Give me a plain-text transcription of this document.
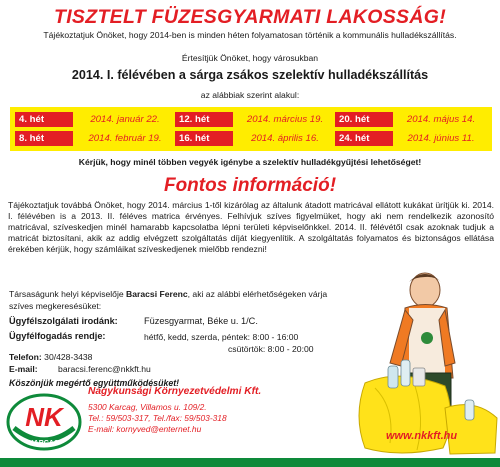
TISZTELT FÜZESGYARMATI LAKOSSÁG!
Tájékoztatjuk Önöket, hogy 2014-ben is minden héten folyamatosan történik a kommunális hulladékszállítás.
Értesítjük Önöket, hogy városukban
2014. I. félévében a sárga zsákos szelektív hulladékszállítás
az alábbiak szerint alakul:
4. hét	2014. január 22.	12. hét	2014. március 19.	20. hét	2014. május 14.
8. hét	2014. február 19.	16. hét	2014. április 16.	24. hét	2014. június 11.
Kérjük, hogy minél többen vegyék igénybe a szelektív hulladékgyűjtési lehetőséget!
Fontos információ!
Tájékoztatjuk továbbá Önöket, hogy 2014. március 1-től kizárólag az általunk átadott matricával ellátott kukákat ürítjük ki. 2014. I. félévében is a 2013. II. féléves matrica érvényes. Felhívjuk szíves figyelmüket, hogy aki nem rendelkezik azonosító matricával, szíveskedjen minél hamarabb kapcsolatba lépni területi képviselőnkkel. 2014. II. félévétől csak azoknak tudjuk a matricát biztosítani, akik az addig elvégzett szolgáltatás díját kiegyenlítik. A szolgáltatás folyamatos és biztonságos ellátása érekében kérjük, hogy számláikat szíveskedjenek mielőbb rendezni!
Társaságunk helyi képviselője Baracsi Ferenc, aki az alábbi elérhetőségeken várja
szíves megkeresésüket:
Ügyfélszolgálati irodánk:	Füzesgyarmat, Béke u. 1/C.
Ügyfélfogadás rendje:	hétfő, kedd, szerda, péntek: 8:00 - 16:00
csütörtök: 8:00 - 20:00
Telefon: 30/428-3438
E-mail: baracsi.ferenc@nkkft.hu
Köszönjük megértő együttműködésüket!
NK
KARCAG
Nagykunsági Környezetvédelmi Kft.
5300 Karcag, Villamos u. 109/2.
Tel.: 59/503-317, Tel./fax: 59/503-318
E-mail: kornyved@enternet.hu
www.nkkft.hu
